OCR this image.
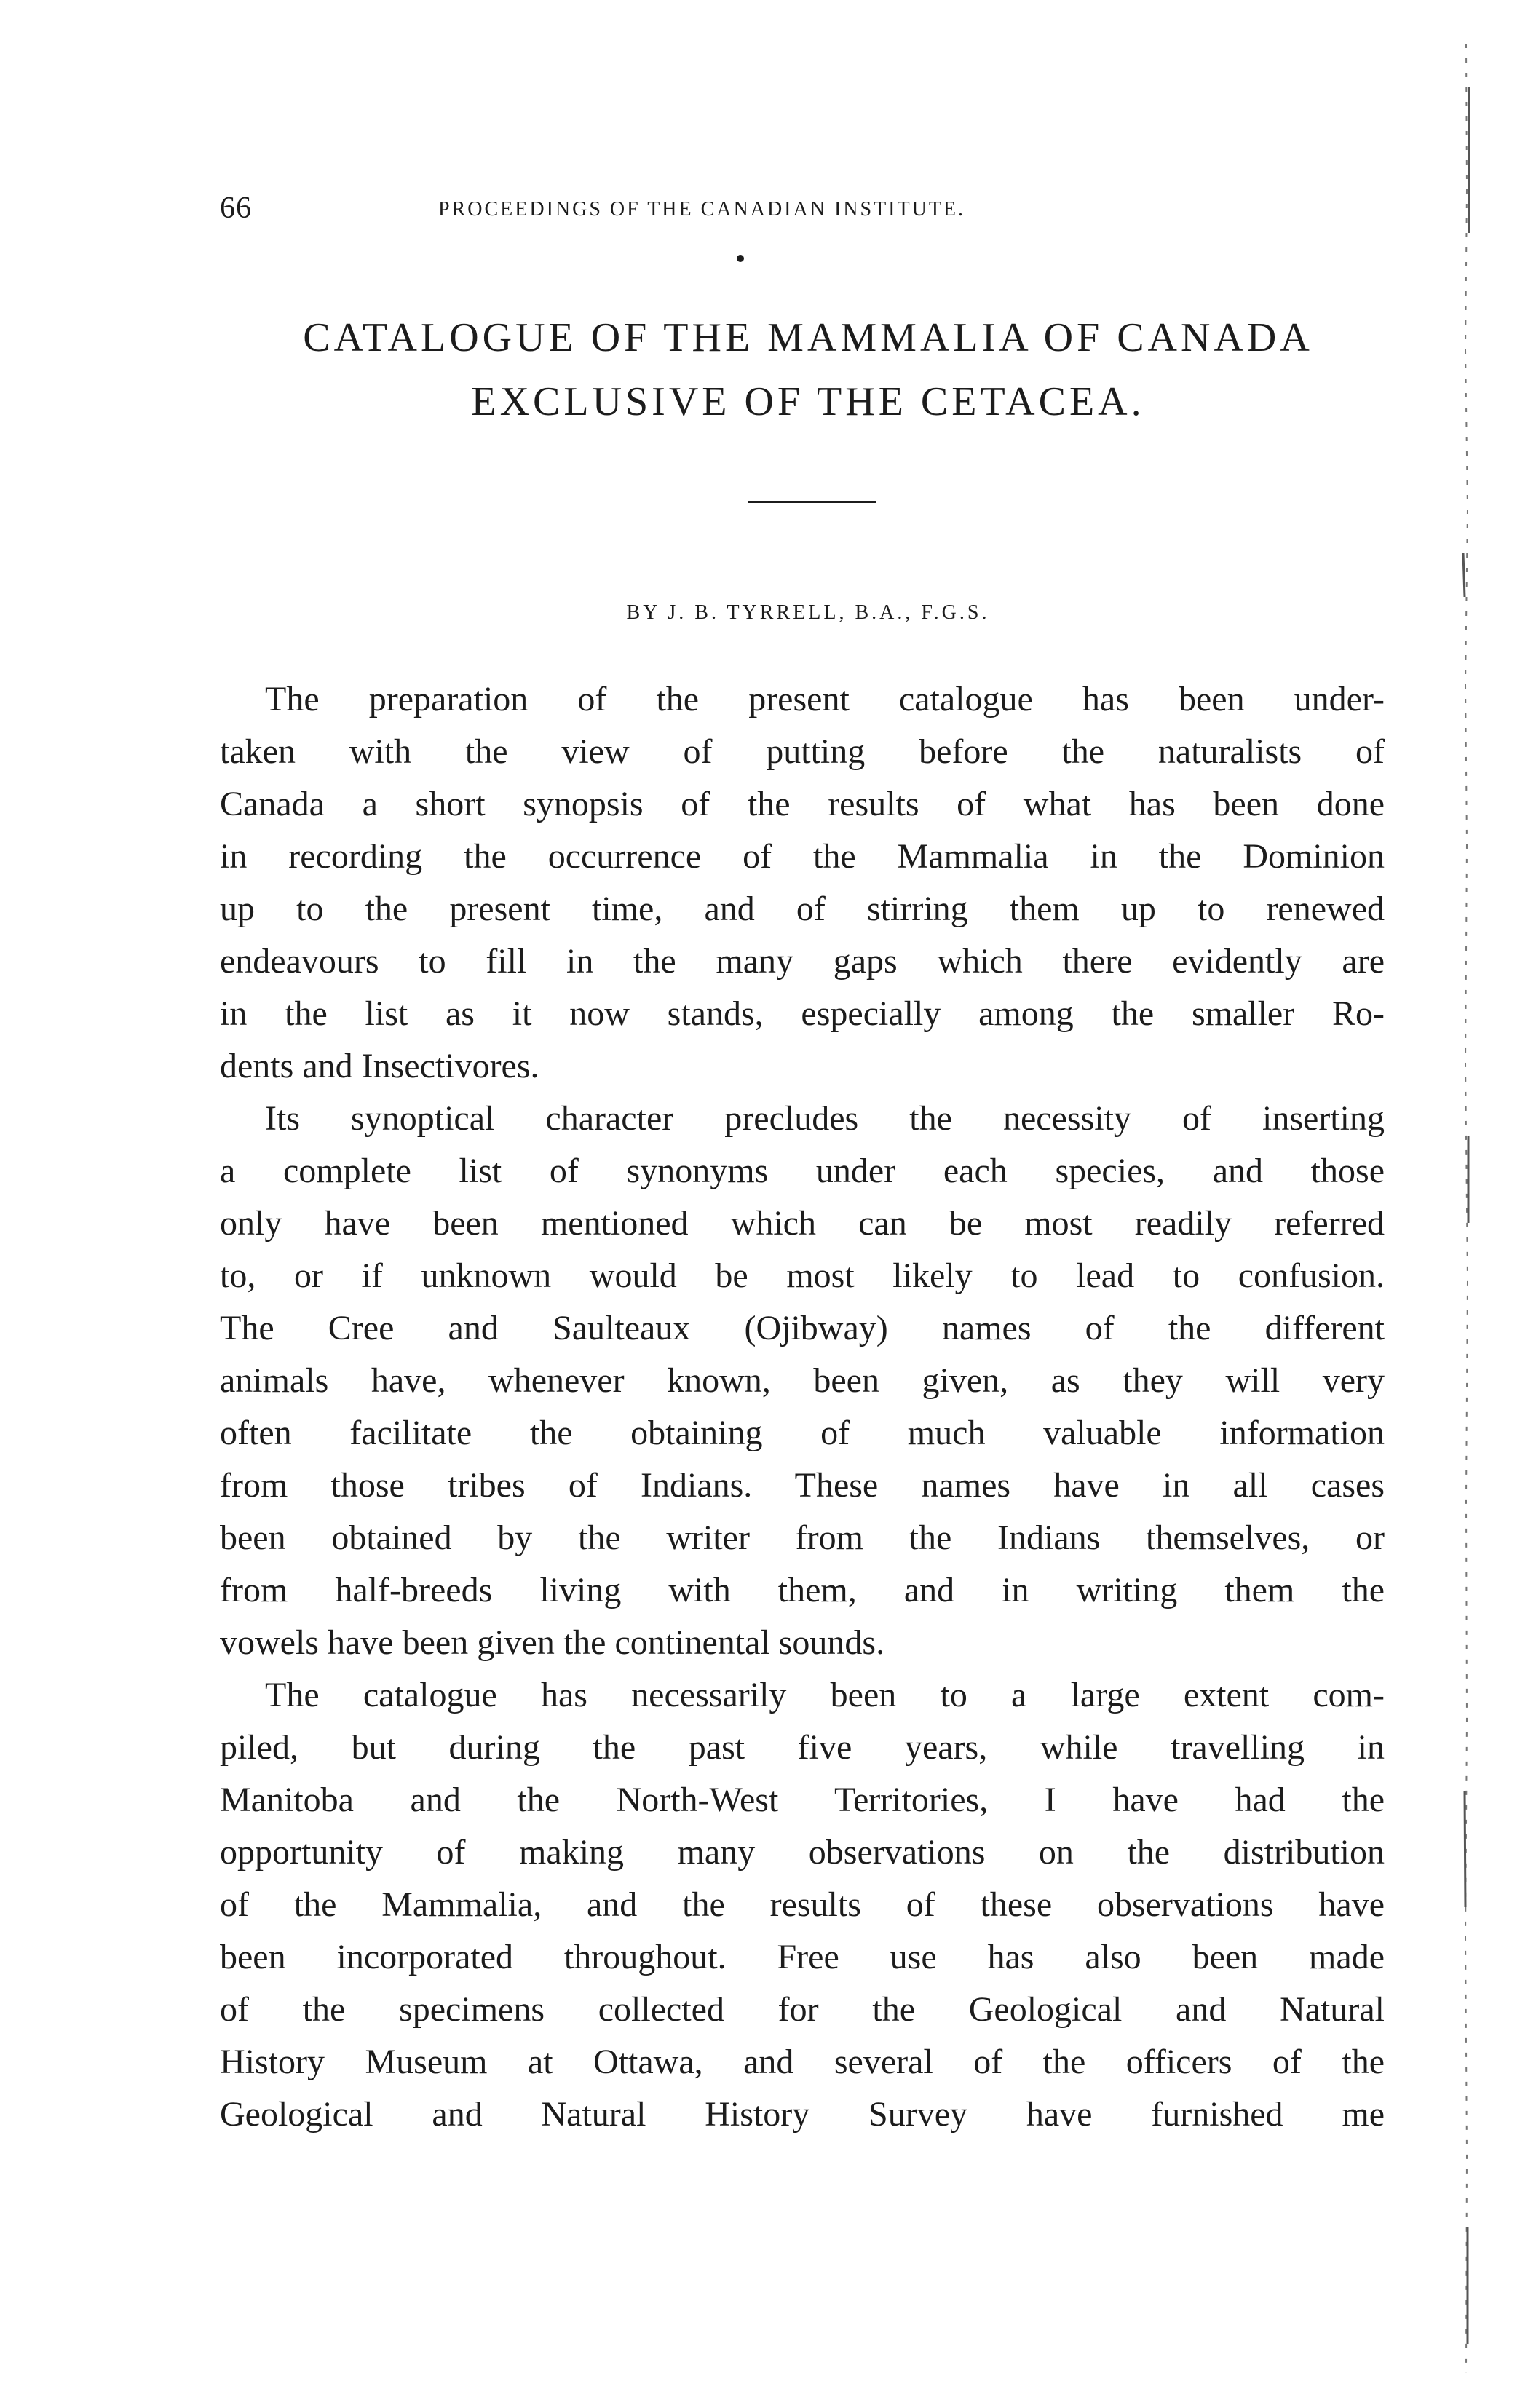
66	PROCEEDINGS OF THE CANADIAN INSTITUTE.
CATALOGUE OF THE MAMMALIA OF CANADA
EXCLUSIVE OF THE CETACEA.
BY J. B. TYRRELL, B.A., F.G.S.
The preparation of the present catalogue has been under-
taken with the view of putting before the naturalists of
Canada a short synopsis of the results of what has been done
in recording the occurrence of the Mammalia in the Dominion
up to the present time, and of stirring them up to renewed
endeavours to fill in the many gaps which there evidently are
in the list as it now stands, especially among the smaller Ro-
dents and Insectivores.
Its synoptical character precludes the necessity of inserting
a complete list of synonyms under each species, and those
only have been mentioned which can be most readily referred
to, or if unknown would be most likely to lead to confusion.
The Cree and Saulteaux (Ojibway) names of the different
animals have, whenever known, been given, as they will very
often facilitate the obtaining of much valuable information
from those tribes of Indians. These names have in all cases
been obtained by the writer from the Indians themselves, or
from half-breeds living with them, and in writing them the
vowels have been given the continental sounds.
The catalogue has necessarily been to a large extent com-
piled, but during the past five years, while travelling in
Manitoba and the North-West Territories, I have had the
opportunity of making many observations on the distribution
of the Mammalia, and the results of these observations have
been incorporated throughout. Free use has also been made
of the specimens collected for the Geological and Natural
History Museum at Ottawa, and several of the officers of the
Geological and Natural History Survey have furnished me
